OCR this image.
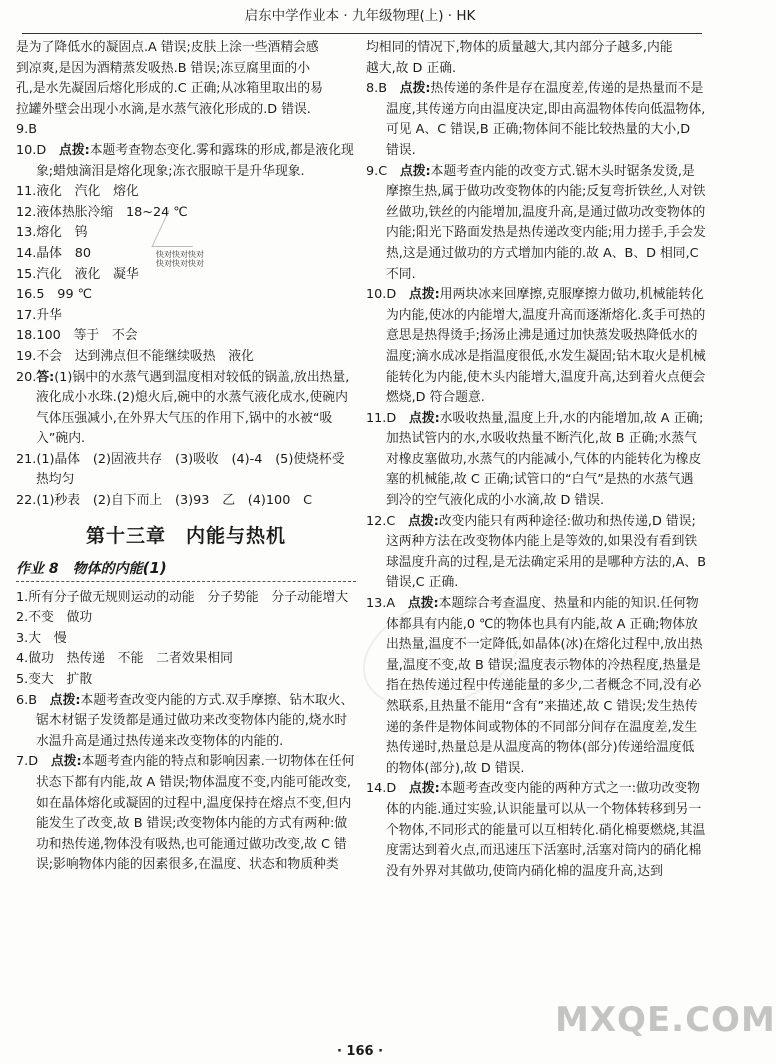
启东中学作业本 · 九年级物理(上) · HK

是为了降低水的凝固点.A 错误;皮肤上涂一些酒精会感

到凉爽,是因为酒精蒸发吸热.B 错误;冻豆腐里面的小

孔,是水先凝固后熔化形成的.C 正确;从冰箱里取出的易

拉罐外壁会出现小水滴,是水蒸气液化形成的.D 错误.

9.B

10.D　点拨:本题考查物态变化.雾和露珠的形成,都是液化现象;蜡烛滴泪是熔化现象;冻衣服晾干是升华现象.

11.液化　汽化　熔化

12.液体热胀冷缩　18~24 ℃

13.熔化　钨

14.晶体　80

15.汽化　液化　凝华

16.5　99 ℃

17.升华

18.100　等于　不会

19.不会　达到沸点但不能继续吸热　液化

20.答:(1)锅中的水蒸气遇到温度相对较低的锅盖,放出热量,液化成小水珠.(2)熄火后,碗中的水蒸气液化成水,使碗内气体压强减小,在外界大气压的作用下,锅中的水被“吸入”碗内.

21.(1)晶体　(2)固液共存　(3)吸收　(4)-4　(5)使烧杯受热均匀

22.(1)秒表　(2)自下而上　(3)93　乙　(4)100　C

第十三章　内能与热机
作业 8　物体的内能(1)

1.所有分子做无规则运动的动能　分子势能　分子动能增大

2.不变　做功

3.大　慢

4.做功　热传递　不能　二者效果相同

5.变大　扩散

6.B　点拨:本题考查改变内能的方式.双手摩擦、钻木取火、锯木材锯子发烫都是通过做功来改变物体内能的,烧水时水温升高是通过热传递来改变物体的内能的.

7.D　点拨:本题考查内能的特点和影响因素.一切物体在任何状态下都有内能,故 A 错误;物体温度不变,内能可能改变,如在晶体熔化或凝固的过程中,温度保持在熔点不变,但内能发生了改变,故 B 错误;改变物体内能的方式有两种:做功和热传递,物体没有吸热,也可能通过做功改变,故 C 错误;影响物体内能的因素很多,在温度、状态和物质种类

均相同的情况下,物体的质量越大,其内部分子越多,内能

越大,故 D 正确.

8.B　点拨:热传递的条件是存在温度差,传递的是热量而不是温度,其传递方向由温度决定,即由高温物体传向低温物体,可见 A、C 错误,B 正确;物体间不能比较热量的大小,D 错误.

9.C　点拨:本题考查内能的改变方式.锯木头时锯条发烫,是摩擦生热,属于做功改变物体的内能;反复弯折铁丝,人对铁丝做功,铁丝的内能增加,温度升高,是通过做功改变物体的内能;阳光下路面发热是热传递改变内能;用力搓手,手会发热,这是通过做功的方式增加内能的.故 A、B、D 相同,C 不同.

10.D　点拨:用两块冰来回摩擦,克服摩擦力做功,机械能转化为内能,使冰的内能增大,温度升高而逐渐熔化.炙手可热的意思是热得烫手;扬汤止沸是通过加快蒸发吸热降低水的温度;滴水成冰是指温度很低,水发生凝固;钻木取火是机械能转化为内能,使木头内能增大,温度升高,达到着火点便会燃烧,D 符合题意.

11.D　点拨:水吸收热量,温度上升,水的内能增加,故 A 正确;加热试管内的水,水吸收热量不断汽化,故 B 正确;水蒸气对橡皮塞做功,水蒸气的内能减小,气体的内能转化为橡皮塞的机械能,故 C 正确;试管口的“白气”是热的水蒸气遇到冷的空气液化成的小水滴,故 D 错误.

12.C　点拨:改变内能只有两种途径:做功和热传递,D 错误;这两种方法在改变物体内能上是等效的,如果没有看到铁球温度升高的过程,是无法确定采用的是哪种方法的,A、B 错误,C 正确.

13.A　点拨:本题综合考查温度、热量和内能的知识.任何物体都具有内能,0 ℃的物体也具有内能,故 A 正确;物体放出热量,温度不一定降低,如晶体(冰)在熔化过程中,放出热量,温度不变,故 B 错误;温度表示物体的冷热程度,热量是指在热传递过程中传递能量的多少,二者概念不同,没有必然联系,且热量不能用“含有”来描述,故 C 错误;发生热传递的条件是物体间或物体的不同部分间存在温度差,发生热传递时,热量总是从温度高的物体(部分)传递给温度低的物体(部分),故 D 错误.

14.D　点拨:本题考查改变内能的两种方式之一:做功改变物体的内能.通过实验,认识能量可以从一个物体转移到另一个物体,不同形式的能量可以互相转化.硝化棉要燃烧,其温度需达到着火点,而迅速压下活塞时,活塞对筒内的硝化棉没有外界对其做功,使筒内硝化棉的温度升高,达到

快对快对快对
快对快对快对
MXQE.COM
· 166 ·
